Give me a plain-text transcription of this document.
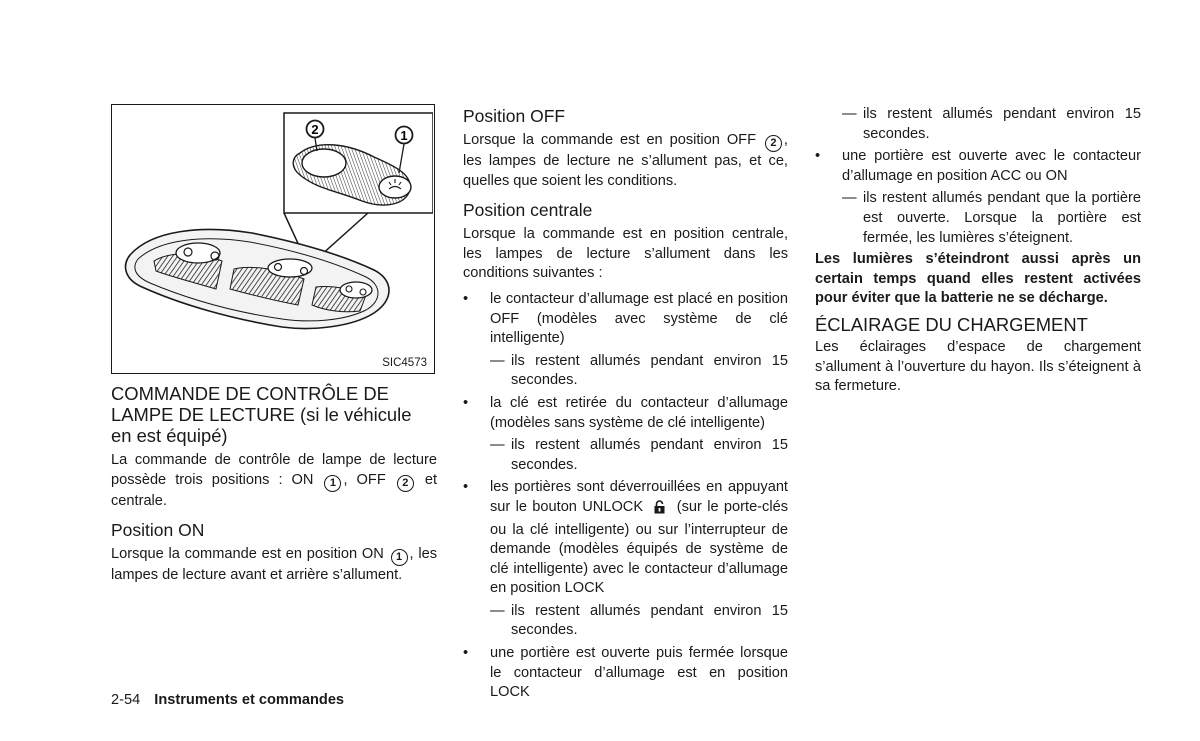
2	1
SIC4573
COMMANDE DE CONTRÔLE DE LAMPE DE LECTURE (si le véhicule en est équipé)

La commande de contrôle de lampe de lecture possède trois positions : ON 1 , OFF 2 et centrale.

Position ON

Lorsque la commande est en position ON 1 , les lampes de lecture avant et arrière s’allument.

Position OFF

Lorsque la commande est en position OFF 2 , les lampes de lecture ne s’allument pas, et ce, quelles que soient les conditions.

Position centrale

Lorsque la commande est en position centrale, les lampes de lecture s’allument dans les conditions suivantes :

• le contacteur d’allumage est placé en position OFF (modèles avec système de clé intelligente)
— ils restent allumés pendant environ 15 secondes.
• la clé est retirée du contacteur d’allumage (modèles sans système de clé intelligente)
— ils restent allumés pendant environ 15 secondes.
• les portières sont déverrouillées en appuyant sur le bouton UNLOCK (sur le porte-clés ou la clé intelligente) ou sur l’interrupteur de demande (modèles équipés de système de clé intelligente) avec le contacteur d’allumage en position LOCK
— ils restent allumés pendant environ 15 secondes.
• une portière est ouverte puis fermée lorsque le contacteur d’allumage est en position LOCK
— ils restent allumés pendant environ 15 secondes.
• une portière est ouverte avec le contacteur d’allumage en position ACC ou ON
— ils restent allumés pendant que la portière est ouverte. Lorsque la portière est fermée, les lumières s’éteignent.

Les lumières s’éteindront aussi après un certain temps quand elles restent activées pour éviter que la batterie ne se décharge.

ÉCLAIRAGE DU CHARGEMENT

Les éclairages d’espace de chargement s’allument à l’ouverture du hayon. Ils s’éteignent à sa fermeture.

2-54 Instruments et commandes
